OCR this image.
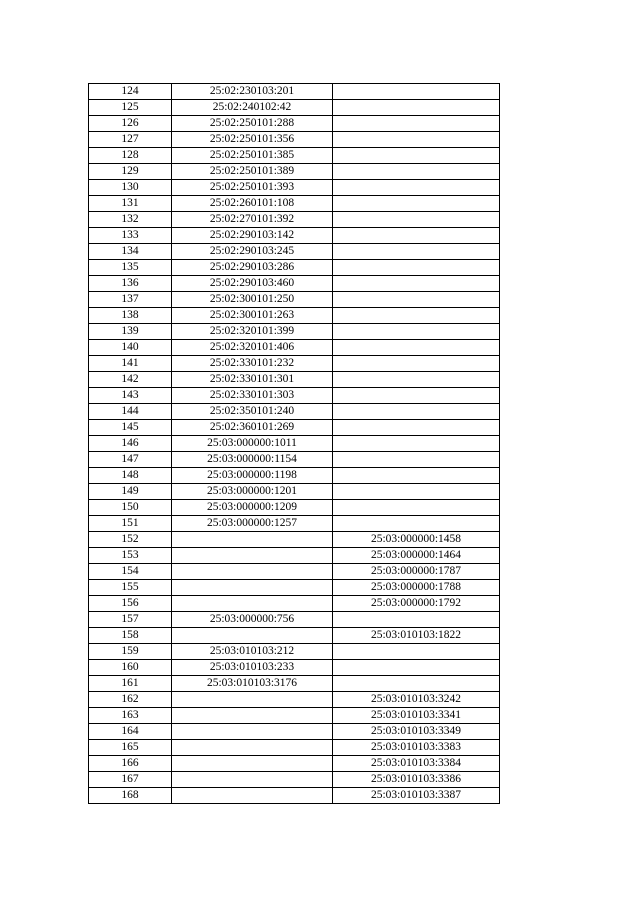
124	25:02:230103:201	
125	25:02:240102:42	
126	25:02:250101:288	
127	25:02:250101:356	
128	25:02:250101:385	
129	25:02:250101:389	
130	25:02:250101:393	
131	25:02:260101:108	
132	25:02:270101:392	
133	25:02:290103:142	
134	25:02:290103:245	
135	25:02:290103:286	
136	25:02:290103:460	
137	25:02:300101:250	
138	25:02:300101:263	
139	25:02:320101:399	
140	25:02:320101:406	
141	25:02:330101:232	
142	25:02:330101:301	
143	25:02:330101:303	
144	25:02:350101:240	
145	25:02:360101:269	
146	25:03:000000:1011	
147	25:03:000000:1154	
148	25:03:000000:1198	
149	25:03:000000:1201	
150	25:03:000000:1209	
151	25:03:000000:1257	
152		25:03:000000:1458
153		25:03:000000:1464
154		25:03:000000:1787
155		25:03:000000:1788
156		25:03:000000:1792
157	25:03:000000:756	
158		25:03:010103:1822
159	25:03:010103:212	
160	25:03:010103:233	
161	25:03:010103:3176	
162		25:03:010103:3242
163		25:03:010103:3341
164		25:03:010103:3349
165		25:03:010103:3383
166		25:03:010103:3384
167		25:03:010103:3386
168		25:03:010103:3387
